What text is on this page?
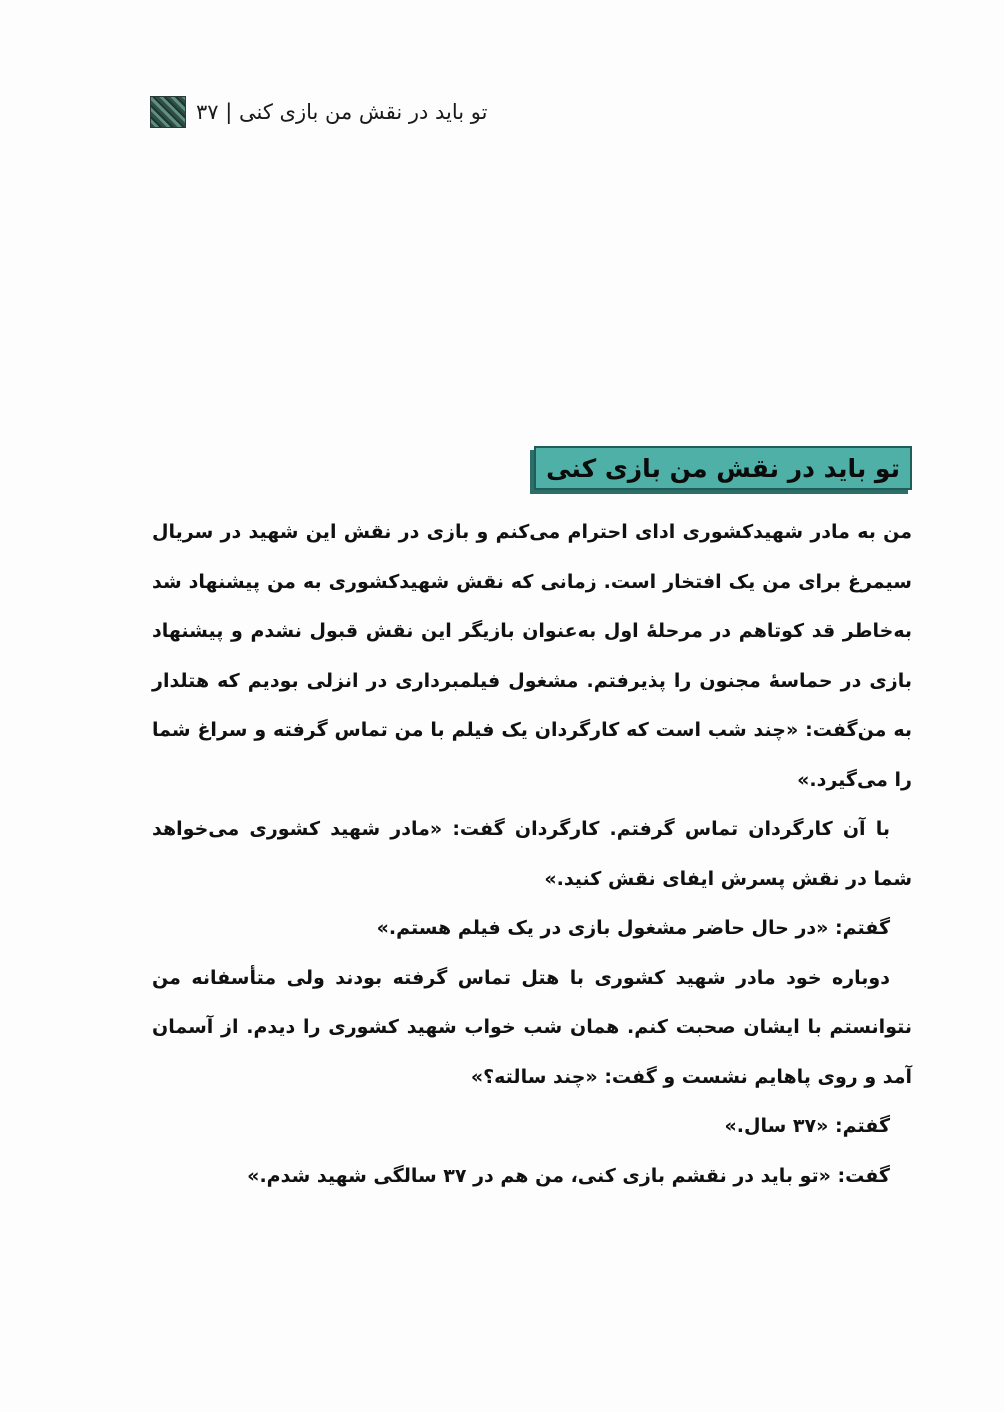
تو باید در نقش من بازی کنی | ۳۷
تو باید در نقش من بازی کنی

من به مادر شهیدکشوری ادای احترام می‌کنم و بازی در نقش این شهید در سریال سیمرغ برای من یک افتخار است. زمانی که نقش شهیدکشوری به من پیشنهاد شد به‌خاطر قد کوتاهم در مرحلهٔ اول به‌عنوان بازیگر این نقش قبول نشدم و پیشنهاد بازی در حماسهٔ مجنون را پذیرفتم. مشغول فیلمبرداری در انزلی بودیم که هتلدار به من‌گفت: «چند شب است که کارگردان یک فیلم با من تماس گرفته و سراغ شما را می‌گیرد.»

با آن کارگردان تماس گرفتم. کارگردان گفت: «مادر شهید کشوری می‌خواهد شما در نقش پسرش ایفای نقش کنید.»

گفتم: «در حال حاضر مشغول بازی در یک فیلم هستم.»

دوباره خود مادر شهید کشوری با هتل تماس گرفته بودند ولی متأسفانه من نتوانستم با ایشان صحبت کنم. همان شب خواب شهید کشوری را دیدم. از آسمان آمد و روی پاهایم نشست و گفت: «چند سالته؟»

گفتم: «۳۷ سال.»

گفت: «تو باید در نقشم بازی کنی، من هم در ۳۷ سالگی شهید شدم.»
